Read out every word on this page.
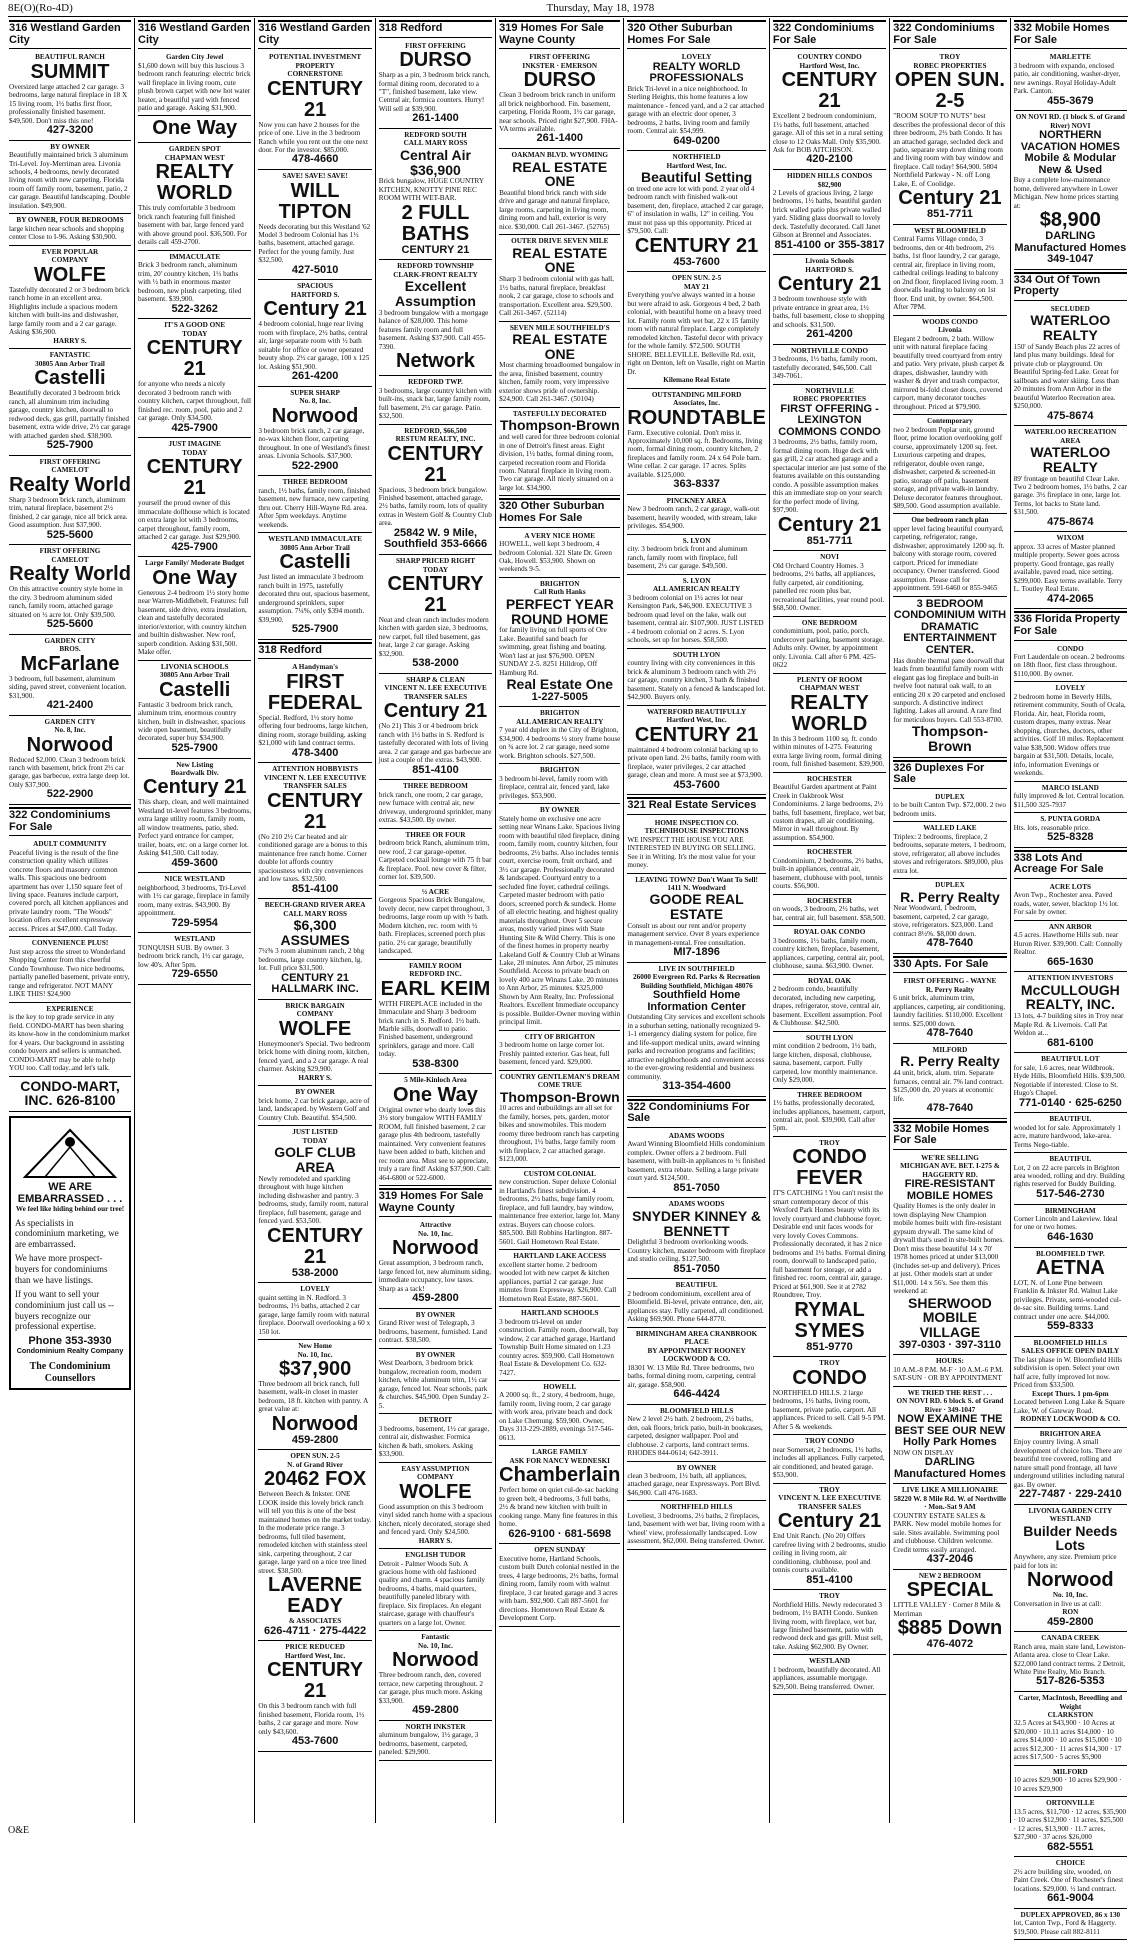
8E(O)(Ro-4D)	Thursday, May 18, 1978
316 Westland Garden City
BEAUTIFUL RANCH
SUMMIT
Oversized large attached 2 car garage. 3 bedrooms, large natural fireplace in 18 X 15 living room, 1½ baths first floor, professionally finished basement. $49,500. Don't miss this one!
427-3200
BY OWNER
Beautifully maintained brick 3 aluminum Tri-Level. Joy-Merriman area. Livonia schools, 4 bedrooms, newly decorated living room with new carpeting. Florida room off family room, basement, patio, 2 car garage. Beautiful landscaping. Double insulation. $49,900.
BY OWNER, FOUR BEDROOMS
large kitchen near schools and shopping center Close to I-96. Asking $30,900.
EVER POPULAR
COMPANY
WOLFE
Tastefully decorated 2 or 3 bedroom brick ranch home in an excellent area. Highlights include a spacious modern kitchen with built-ins and dishwasher, large family room and a 2 car garage. Asking $36,900.
HARRY S.
FANTASTIC
30805 Ann Arbor Trail
Castelli
Beautifully decorated 3 bedroom brick ranch, all aluminum trim including garage, country kitchen, doorwall to redwood deck, gas grill, partially finished basement, extra wide drive, 2½ car garage with attached garden shed. $38,900.
525-7900
FIRST OFFERING
CAMELOT
Realty World
Sharp 3 bedroom brick ranch, aluminum trim, natural fireplace, basement 2½ finished, 2 car garage, nice all brick area. Good assumption. Just $37,900.
525-5600
FIRST OFFERING
CAMELOT
Realty World
On this attractive country style home in the city. 3 bedroom aluminum sided ranch, family room, attached garage situated on ½ acre lot. Only $39,500.
525-5600
GARDEN CITY
BROS.
McFarlane
3 bedroom, full basement, aluminum siding, paved street, convenient location. $31,900.
421-2400
GARDEN CITY
No. 8, Inc.
Norwood
Reduced $2,000. Clean 3 bedroom brick ranch with basement, brick front 2½ car garage, gas barbecue, extra large deep lot. Only $37,900.
522-2900
322 Condominiums For Sale
ADULT COMMUNITY
Peaceful living is the result of the fine construction quality which utilizes concrete floors and masonry common walls. This spacious one bedroom apartment has over 1,150 square feet of living space. Features include carport, covered porch, all kitchen appliances and private laundry room. "The Woods" location offers excellent expressway access. Prices at $47,000. Call Today.
CONVENIENCE PLUS!
Just step across the street to Wonderland Shopping Center from this cheerful Condo Townhouse. Two nice bedrooms, partially panelled basement, private entry, range and refrigerator. NOT MANY LIKE THIS! $24,900
EXPERIENCE
is the key to top grade service in any field. CONDO-MART has been sharing its know-how in the condominium market for 4 years. Our background in assisting condo buyers and sellers is unmatched. CONDO-MART may be able to help YOU too. Call today..and let's talk.
CONDO-MART, INC. 626-8100
WE ARE EMBARRASSED . . .
We feel like hiding behind our tree!

As specialists in condominium marketing, we are embarrassed.

We have more prospect-buyers for condominiums than we have listings.

If you want to sell your condominium just call us -- buyers recognize our professional expertise.

Phone 353-3930
Condominium Realty Company
The Condominium Counsellors
316 Westland Garden City
Garden City Jewel
$1,600 down will buy this luscious 3 bedroom ranch featuring: electric brick wall fireplace in living room, cute plush brown carpet with new hot water heater, a beautiful yard with fenced patio and garage. Asking $31,900.
One Way
GARDEN SPOT
CHAPMAN WEST
REALTY WORLD
This truly comfortable 3 bedroom brick ranch featuring full finished basement with bar, large fenced yard with above ground pool. $36,500. For details call 459-2700.
IMMACULATE
Brick 3 bedroom ranch, aluminum trim, 20' country kitchen, 1½ baths with ½ bath in enormous master bedroom, new plush carpeting, tiled basement. $39,900.
522-3262
IT'S A GOOD ONE
TODAY
CENTURY 21
for anyone who needs a nicely decorated 3 bedroom ranch with country kitchen, carpet throughout, full finished rec. room, pool, patio and 2 car garage. Only $34,500.
425-7900
JUST IMAGINE
TODAY
CENTURY 21
yourself the proud owner of this immaculate dollhouse which is located on extra large lot with 3 bedrooms, carpet throughout, family room, attached 2 car garage. Just $29,900.
425-7900
Large Family/ Moderate Budget
One Way
Generous 2-4 bedroom 1½ story home near Warren-Middlebelt. Features: full basement, side drive, extra insulation, clean and tastefully decorated interior/exterior, with country kitchen and builtin dishwasher. New roof, superb condition. Asking $31,500. Make offer.
LIVONIA SCHOOLS
30805 Ann Arbor Trail
Castelli
Fantastic 3 bedroom brick ranch, aluminum trim, enormous country kitchen, built in dishwasher, spacious wide open basement, beautifully decorated, super buy $34,900.
525-7900
New Listing
Boardwalk Div.
Century 21
This sharp, clean, and well maintained Westland tri-level features 3 bedrooms, extra large utility room, family room, all window treatments, patio, shed. Perfect yard entrance for camper, trailer, boats, etc. on a large corner lot. Asking $41,500. Call today.
459-3600
NICE WESTLAND
neighborhood, 3 bedrooms, Tri-Level with 1½ car garage, fireplace in family room, many extras. $43,900. By appointment.
729-5954
WESTLAND
TONQUISH SUB. By owner. 3 bedroom brick ranch, 1½ car garage, low 40's. After 5pm.
729-6550
316 Westland Garden City
POTENTIAL INVESTMENT PROPERTY
CORNERSTONE
CENTURY 21
Now you can have 2 houses for the price of one. Live in the 3 bedroom Ranch while you rent out the one next door. For the investor. $85,000.
478-4660
SAVE! SAVE! SAVE!
WILL TIPTON
Needs decorating but this Westland '62 Model 3 bedroom Colonial has 1½ baths, basement, attached garage. Perfect for the young family. Just $32,500.
427-5010
SPACIOUS
HARTFORD S.
Century 21
4 bedroom colonial, huge rear living room with fireplace, 2½ baths, central air, large separate room with ½ bath suitable for office or owner operated beauty shop. 2½ car garage, 100 x 125 lot. Asking $51,900.
261-4200
SUPER SHARP
No. 8, Inc.
Norwood
3 bedroom brick ranch, 2 car garage, no-wax kitchen floor, carpeting throughout. In one of Westland's finest areas. Livonia Schools. $37,900.
522-2900
THREE BEDROOM
ranch, 1½ baths, family room, finished basement, new furnace, new carpeting thru out. Cherry Hill-Wayne Rd. area. After 5pm weekdays. Anytime weekends.
WESTLAND IMMACULATE
30805 Ann Arbor Trail
Castelli
Just listed an immaculate 3 bedroom ranch built in 1975, tastefully decorated thru out, spacious basement, underground sprinklers, super assumption. 7¼%, only $394 month. $39,900.
525-7900
318 Redford
A Handyman's
FIRST FEDERAL
Special. Redford, 1½ story home offering four bedrooms, large kitchen, dining room, storage building, asking $21,000 with land contract terms.
478-3400
ATTENTION HOBBYISTS
VINCENT N. LEE EXECUTIVE TRANSFER SALES
CENTURY 21
(No 210 2½ Car heated and air conditioned garage are a bonus to this maintenance free ranch home. Corner double lot affords country spaciousness with city conveniences and low taxes. $32,500.
851-4100
BEECH-GRAND RIVER AREA
CALL MARY ROSS
$6,300 ASSUMES
7¼% 3 room aluminum ranch, 2 bhg bedrooms, large country kitchen, lg. lot. Full price $31,500.
CENTURY 21 HALLMARK INC.
BRICK BARGAIN
COMPANY
WOLFE
Honeymooner's Special. Two bedroom brick home with dining room, kitchen, fenced yard, and a 2 car garage. A real charmer. Asking $29,900.
HARRY S.
BY OWNER
brick home, 2 car brick garage, acre of land, landscaped. by Western Golf and Country Club. Beautiful. $54,500.
JUST LISTED
TODAY
GOLF CLUB AREA
Newly remodeled and sparkling throughout with huge kitchen including dishwasher and pantry. 3 bedrooms, study, family room, natural fireplace, full basement, garage and fenced yard. $53,500.
CENTURY 21
538-2000
LOVELY
quaint setting in N. Redford. 3 bedrooms, 1½ baths, attached 2 car garage, large family room with natural fireplace. Doorwall overlooking a 60 x 150 lot.
New Home
No. 10, Inc.
$37,900
Three bedroom all brick ranch, full basement, walk-in closet in master bedroom, 18 ft. kitchen with pantry. A great value at:
Norwood
459-2800
OPEN SUN. 2-5
N. of Grand River
20462 FOX
Between Beech & Inkster. ONE LOOK inside this lovely brick ranch will tell you this is one of the best maintained homes on the market today. In the moderate price range. 3 bedrooms, full tiled basement, remodeled kitchen with stainless steel sink, carpeting throughout, 2 car garage, large yard on a nice tree lined street. $38,500.
LAVERNE EADY
& ASSOCIATES
626-4711 · 275-4422
PRICE REDUCED
Hartford West, Inc.
CENTURY 21
On this 3 bedroom ranch with full finished basement, Florida room, 1½ baths, 2 car garage and more. Now only $43,600.
453-7600
318 Redford
FIRST OFFERING
DURSO
Sharp as a pin, 3 bedroom brick ranch, formal dining room, decorated to a "T", finished basement, lake view. Central air, formica counters. Hurry! Will sell at $39,900.
261-1400
REDFORD SOUTH
CALL MARY ROSS
Central Air $36,900
Brick bungalow, HUGE COUNTRY KITCHEN, KNOTTY PINE REC ROOM WITH WET-BAR.
2 FULL BATHS
CENTURY 21
REDFORD TOWNSHIP
CLARK-FRONT REALTY
Excellent Assumption
3 bedroom bungalow with a mortgage balance of $28,000. This home features family room and full basement. Asking $37,900. Call 455-7390.
Network
REDFORD TWP.
3 bedrooms, large country kitchen with built-ins, snack bar, large family room, full basement, 2½ car garage. Patio. $32,500.
REDFORD, $66,500
RESTUM REALTY, INC.
CENTURY 21
Spacious, 3 bedroom brick bungalow. Finished basement, attached garage, 2½ baths, family room, lots of quality extras in Western Golf & Country Club area.
25842 W. 9 Mile, Southfield 353-6666
SHARP PRICED RIGHT
TODAY
CENTURY 21
Neat and clean ranch includes modern kitchen with garden size, 3 bedrooms, new carpet, full tiled basement, gas heat, large 2 car garage. Asking $32,900.
538-2000
SHARP & CLEAN
VINCENT N. LEE EXECUTIVE TRANSFER SALES
Century 21
(No 21) This 3 or 4 bedroom brick ranch with 1½ baths in S. Redford is tastefully decorated with lots of living area. 2 car garage and gas barbecue are just a couple of the extras. $43,900.
851-4100
THREE BEDROOM
brick ranch, one room, 2 car garage, new furnace with central air, new driveway, underground sprinkler, many extras. $43,500. By owner.
THREE OR FOUR
bedroom brick Ranch, aluminum trim, new roof, 2 car garage-opener. Carpeted cocktail lounge with 75 ft bar & fireplace. Pool. new cover & filter, corner lot. $39,500.
½ ACRE
Gorgeous Spacious Brick Bungalow, lovely decor, new carpet throughout, 3 bedrooms, large room up with ½ bath. Modern kitchen, rec. room with ½ bath. Fireplaces, screened porch plus patio. 2½ car garage, beautifully landscaped.
FAMILY ROOM
REDFORD INC.
EARL KEIM
WITH FIREPLACE included in the Immaculate and Sharp 3 bedroom brick ranch in S. Redford. 1½ bath. Marble sills, doorwall to patio. Finished basement, underground sprinklers, garage and more. Call today.
538-8300
5 Mile-Kinloch Area
One Way
Original owner who dearly loves this 3½ story bungalow WITH FAMILY ROOM, full finished basement, 2 car garage plus 4th bedroom, tastefully maintained. Very convenient features have been added to bath, kitchen and rec room area. Must see to appreciate, truly a rare find! Asking $37,900. Call: 464-6800 or 522-6000.
319 Homes For Sale Wayne County
Attractive
No. 10, Inc.
Norwood
Great assumption, 3 bedroom ranch, large fenced lot, new aluminum siding, immediate occupancy, low taxes. Sharp as a tack!
459-2800
BY OWNER
Grand River west of Telegraph, 3 bedrooms, basement, furnished. Land contract. $38,500.
BY OWNER
West Dearborn, 3 bedroom brick bungalow, recreation room, modern kitchen, white aluminum trim, 1½ car garage, fenced lot. Near schools, park & churches. $45,900. Open Sunday 2-5.
DETROIT
3 bedrooms, basement, 1½ car garage, central air, dishwasher. Formica kitchen & bath, smokers. Asking $33,900.
EASY ASSUMPTION
COMPANY
WOLFE
Good assumption on this 3 bedroom vinyl sided ranch home with a spacious kitchen, nicely decorated, storage shed and fenced yard. Only $24,500.
HARRY S.
ENGLISH TUDOR
Detroit - Palmer Woods Sub. A gracious home with old fashioned quality and charm. 4 spacious family bedrooms, 4 baths, maid quarters, beautifully paneled library with fireplace. Six fireplaces. An elegant staircase, garage with chauffeur's quarters on a large lot. Owner.
Fantastic
No. 10, Inc.
Norwood
Three bedroom ranch, den, covered terrace, new carpeting throughout. 2 car garage, plus much more. Asking $33,900.
459-2800
NORTH INKSTER
aluminum bungalow, 1½ garage, 3 bedrooms, basement, carpeted, paneled. $29,900.
319 Homes For Sale Wayne County
FIRST OFFERING
INKSTER · EMERSON
DURSO
Clean 3 bedroom brick ranch in uniform all brick neighborhood. Fin. basement, carpeting, Florida Room, 1½ car garage, near schools. Priced right $27,900. FHA-VA terms available.
261-1400
OAKMAN BLVD. WYOMING
REAL ESTATE ONE
Beautiful blond brick ranch with side drive and garage and natural fireplace, large rooms, carpeting in living room, dining room and hall, exterior is very nice. $30,000. Call 261-3467. (52765)
OUTER DRIVE SEVEN MILE
REAL ESTATE ONE
Sharp 3 bedroom colonial with gas hall, 1½ baths, natural fireplace, breakfast nook, 2 car garage, close to schools and transportation. Excellent area. $29,500. Call 261-3467. (52114)
SEVEN MILE SOUTHFIELD'S
REAL ESTATE ONE
Most charming broadloomed bungalow in the area, finished basement, country kitchen, family room, very impressive exterior shows pride of ownership. $24,900. Call 261-3467. (50104)
TASTEFULLY DECORATED
Thompson-Brown
and well cared for three bedroom colonial in one of Detroit's finest areas. Eight division, 1½ baths, formal dining room, carpeted recreation room and Florida room. Natural fireplace in living room. Two car garage. All nicely situated on a large lot. $34,900.
320 Other Suburban Homes For Sale
A VERY NICE HOME
HOWELL, well kept 3 bedroom, 4 bedroom Colonial. 321 Slate Dr. Green Oak, Howell. $53,900. Shown on weekends 9-5.
BRIGHTON
Call Ruth Hanks
PERFECT YEAR ROUND HOME
for family living on full sports of Ore Lake. Beautiful sand beach for swimming, great fishing and boating. Won't last at just $76,900. OPEN SUNDAY 2-5. 8251 Hilldrop, Off Hamburg Rd.
Real Estate One
1-227-5005
BRIGHTON
ALL AMERICAN REALTY
7 year old duplex in the City of Brighton, $34,900. 4 bedrooms ½ story frame house on ¾ acre lot. 2 car garage, need some work. Brighton schools. $27,500.
BRIGHTON
3 bedroom bi-level, family room with fireplace, central air, fenced yard, lake privileges. $53,900.
BY OWNER
Stately home on exclusive one acre setting near Winans Lake. Spacious living room with beautiful tiled fireplace, dining room, family room, country kitchen, four bedrooms, 2½ baths. Also includes tennis court, exercise room, fruit orchard, and 3½ car garage. Professionally decorated & landscaped. Courtyard entry to a secluded fine foyer, cathedral ceilings. Carpeted master bedroom with patio doors, screened porch & sundeck. Home of all electric heating, and highest quality materials throughout. Over 5 secure areas, mostly varied pines with State Hunting Site & Wild Cherry. This is one of the finest homes in property nearby Lakeland Golf & Country Club at Winans Lake, 20 minutes. Ann Arbor, 25 minutes Southfield. Access to private beach on lovely 400 acre Winans Lake. 20 minutes to Ann Arbor, 25 minutes. $325,000 Shown by Ann Realty, Inc. Professional Realtors. Excellent Immediate occupancy is possible. Builder-Owner moving within principal limit.
CITY OF BRIGHTON
3 bedroom home on large corner lot. Freshly painted exterior. Gas heat, full basement, fenced yard. $29,000.
COUNTRY GENTLEMAN'S DREAM COME TRUE
Thompson-Brown
10 acres and outbuildings are all set for the family, horses, pets, garden, motor bikes and snowmobiles. This modern roomy three bedroom ranch has carpeting throughout, 1½ baths, large family room with fireplace, 2 car attached garage. $123,000.
CUSTOM COLONIAL
new construction. Super deluxe Colonial in Hartland's finest subdivision. 4 bedrooms, 2½ baths, huge family room, fireplace, and full laundry, bay window, maintenance free exterior, large lot. Many extras. Buyers can choose colors. $85,500. Bill Robbins Harlington. 887-5601. Gail Hometown Real Estate.
HARTLAND LAKE ACCESS
excellent starter home. 2 bedroom wooded lot with new carpet & kitchen appliances, partial 2 car garage. Just minutes from Expressway. $26,900. Call Hometown Real Estate, 887-5601.
HARTLAND SCHOOLS
3 bedroom tri-level on under construction. Family room, doorwall, bay window, 2 car attached garage, Hartland Township Built Home situated on 1.23 country acres. $59,900. Call Hometown Real Estate & Development Co. 632-7427.
HOWELL
A 2000 sq. ft., 2 story, 4 bedroom, huge, family room, living room, 2 car garage with work area, private beach and dock on Lake Chemung. $59,900. Owner, Days 313-229-2889, evenings 517-546-0613.
LARGE FAMILY
ASK FOR NANCY WEDNESKI
Chamberlain
Perfect home on quiet cul-de-sac backing to green belt, 4 bedrooms, 3 full baths, 2½ & brand new kitchen with built in cooking range. Many fine features in this home.
626-9100 · 681-5698
OPEN SUNDAY
Executive home, Hartland Schools, custom built Dutch colonial nestled in the trees, 4 large bedrooms, 2½ baths, formal dining room, family room with walnut fireplace, 3 car heated garage and 3 acres with barn. $92,900. Call 887-5601 for directions. Hometown Real Estate & Development Corp.
320 Other Suburban Homes For Sale
LOVELY
REALTY WORLD PROFESSIONALS
Brick Tri-level in a nice neighborhood. In Sterling Heights, this home features a low maintenance - fenced yard, and a 2 car attached garage with an electric door opener, 3 bedrooms, 2 baths, living room and family room. Central air. $54,999.
649-0200
NORTHFIELD
Hartford West, Inc.
Beautiful Setting
on treed one acre lot with pond. 2 year old 4 bedroom ranch with finished walk-out basement, den, fireplace, attached 2 car garage, 6" of insulation in walls, 12" in ceiling. You must not pass up this opportunity. Priced at $79,500. Call:
CENTURY 21
453-7600
OPEN SUN. 2-5
MAY 21
Everything you've always wanted in a house but were afraid to ask. Gorgeous 4 bed, 2 bath colonial, with beautiful home on a heavy treed lot. Family room with wet bar, 22 x 15 family room with natural fireplace. Large completely remodeled kitchen. Tasteful decor with privacy for the whole family. $72,500. SOUTH SHORE. BELLEVILLE. Belleville Rd. exit, right on Denton, left on Vasalle, right on Martin Dr.
Kilemano Real Estate
OUTSTANDING MILFORD
Associates, Inc.
ROUNDTABLE
Farm. Executive colonial. Don't miss it. Approximately 10,000 sq. ft. Bedrooms, living room, formal dining room, country kitchen, 2 fireplaces and family room. 24 x 64 Pole barn. Wine cellar. 2 car garage. 17 acres. Splits available. $125,000.
363-8337
PINCKNEY AREA
New 3 bedroom ranch, 2 car garage, walk-out basement, heavily wooded, with stream, lake privileges. $54,900.
S. LYON
city. 3 bedroom brick front and aluminum ranch, family room with fireplace, full basement, 2½ car garage. $49,500.
S. LYON
ALL AMERICAN REALTY
3 bedroom colonial on 1½ acres lot near Kensington Park, $46,900. EXECUTIVE 3 bedroom quad level on the lake, walk out basement, central air. $107,900. JUST LISTED - 4 bedroom colonial on 2 acres. S. Lyon schools, set up for horses. $58,500.
SOUTH LYON
country living with city conveniences in this brick & aluminum 3 bedroom ranch with 2½ car garage, country kitchen, 3 bath & finished basement. Stately on a fenced & landscaped lot. $42,900. Buyers only.
WATERFORD BEAUTIFULLY
Hartford West, Inc.
CENTURY 21
maintained 4 bedroom colonial backing up to private open land. 2½ baths, family room with fireplace, water privileges, 2 car attached garage, clean and more. A must see at $73,900.
453-7600
321 Real Estate Services
HOME INSPECTION CO.
TECHNIHOUSE INSPECTIONS
WE INSPECT THE HOUSE YOU ARE INTERESTED IN BUYING OR SELLING. See it in Writing. It's the most value for your money.
LEAVING TOWN? Don't Want To Sell!
1411 N. Woodward
GOODE REAL ESTATE
Consult us about our rent and/or property management service. Over 8 years experience in management-rental. Free consultation.
MI7-1896
LIVE IN SOUTHFIELD
26000 Evergreen Rd. Parks & Recreation Building Southfield, Michigan 48076
Southfield Home Information Center
Outstanding City services and excellent schools in a suburban setting, nationally recognized 9-1-1 emergency dialing system for police, fire and life-support medical units, award winning parks and recreation programs and facilities; attractive neighborhoods and convenient access to the ever-growing residential and business community.
313-354-4600
322 Condominiums For Sale
ADAMS WOODS
Award Winning Bloomfield Hills condominium complex. Owner offers a 2 bedroom. Full basement, with built-in appliances to ½ finished basement, extra rebate. Selling a large private court yard. $124,500.
851-7050
ADAMS WOODS
SNYDER KINNEY & BENNETT
Delightful 3 bedroom overlooking woods. Country kitchen, master bedroom with fireplace and studio ceiling. $127,500.
851-7050
BEAUTIFUL
2 bedroom condominium, excellent area of Bloomfield. Bi-level, private entrance, den, air, appliances stay. Fully carpeted, all conditioned. Asking $69,900. Phone 644-8770.
BIRMINGHAM AREA CRANBROOK PLACE
BY APPOINTMENT ROONEY LOCKWOOD & CO.
18301 W. 13 Mile Rd. Three bedrooms, two baths, formal dining room, carpeting, central air, garage. $58,900.
646-4424
BLOOMFIELD HILLS
New 2 level 2½ bath. 2 bedroom, 2½ baths, den, oak floors, brick patio, built-in bookcases, carpeted, designer wallpaper. Pool and clubhouse. 2 carports, land contract terms. RHODES 844-0614; 642-3911.
BY OWNER
clean 3 bedroom, 1½ bath, all appliances, attached garage, near Expressways. Port Blvd. $46,900. Call 476-1683.
NORTHFIELD HILLS
Loveliest, 3 bedrooms, 2½ baths, 2 fireplaces, land, basement with wet bar, living room with a 'wheel' view, professionally landscaped. Low assessment, $62,000. Being transferred. Owner.
322 Condominiums For Sale
COUNTRY CONDO
Hartford West, Inc.
CENTURY 21
Excellent 2 bedroom condominium, 1½ baths, full basement, attached garage. All of this set in a rural setting close to 12 Oaks Mall. Only $35,900. Ask for BOB AITCHISON.
420-2100
HIDDEN HILLS CONDOS
$82,900
2 Levels of gracious living, 2 large bedrooms, 1½ baths, beautiful garden brick walled patio plus private walled yard. Sliding glass doorwall to lovely deck. Tastefully decorated. Call Janet Gibson at Brennel and Associates.
851-4100 or 355-3817
Livonia Schools
HARTFORD S.
Century 21
3 bedroom townhouse style with private entrance in great area, 1½ baths, full basement, close to shopping and schools. $31,500.
261-4200
NORTHVILLE CONDO
3 bedrooms, 1½ baths, family room, tastefully decorated, $46,500. Call 349-7061.
NORTHVILLE
ROBEC PROPERTIES
FIRST OFFERING - LEXINGTON COMMONS CONDO
3 bedrooms, 2½ baths, family room, formal dining room. Huge deck with gas grill, 2 car attached garage and a spectacular interior are just some of the features available on this outstanding condo. A possible assumption makes this an immediate stop on your search for the perfect mode of living. $97,900.
Century 21
851-7711
NOVI
Old Orchard Country Homes. 3 bedrooms, 2½ baths, all appliances, fully carpeted, air conditioning, panelled rec room plus bar, recreational facilities, year round pool. $68,500. Owner.
ONE BEDROOM
condominium, pool, patio, porch, undercover parking, basement storage. Adults only. Owner, by appointment only. Livonia. Call after 6 PM. 425-0622
PLENTY OF ROOM
CHAPMAN WEST
REALTY WORLD
In this 3 bedroom 1100 sq. ft. condo within minutes of I-275. Featuring extra large living room, formal dining room, full finished basement. $39,900.
ROCHESTER
Beautiful Garden apartment at Paint Creek in Oakbrook West Condominiums. 2 large bedrooms, 2½ baths, full basement, fireplace, wet bar, custom drapes, all air conditioning. Mirror in wall throughout. By assumption. $54,900.
ROCHESTER
Condominium, 2 bedrooms, 2½ baths, built-in appliances, central air, basement, clubhouse with pool, tennis courts. $56,900.
ROCHESTER
on woods, 3 bedroom, 2½ baths, wet bar, central air, full basement. $58,500.
ROYAL OAK CONDO
3 bedrooms, 1½ baths, family room, country kitchen, fireplace, basement, appliances, carpeting, central air, pool, clubhouse, sauna. $63,900. Owner.
ROYAL OAK
2 bedroom condo, beautifully decorated, including new carpeting, drapes, refrigerator, stove, central air, basement. Excellent assumption. Pool & Clubhouse. $42,500.
SOUTH LYON
mint condition 2 bedroom, 1½ bath, large kitchen, disposal, clubhouse, sauna, basement, carport. Fully carpeted, low monthly maintenance. Only $29,000.
THREE BEDROOM
1½ baths, professionally decorated, includes appliances, basement, carport, central air, pool. $39,900. Call after 5pm.
TROY
CONDO FEVER
IT'S CATCHING ! You can't resist the smart contemporary decor of this Wexford Park Homes beauty with its lovely courtyard and clubhouse foyer. Desirable end unit faces woods for very lovely Coves Commons. Professionally decorated, it has 2 nice bedrooms and 1½ baths. Formal dining room, doorwall to landscaped patio, full basement for storage, or add a finished rec. room, central air, garage. Priced at $61,900. See it at 2782 Roundtree, Troy.
RYMAL SYMES
851-9770
TROY
CONDO
NORTHFIELD HILLS. 2 large bedrooms, 1½ baths, living room, basement, private patio, carport. All appliances. Priced to sell. Call 9-5 PM. After 5 & weekends.
TROY CONDO
near Somerset, 2 bedrooms, 1½ baths, includes all appliances. Fully carpeted, air conditioned, and heated garage. $53,900.
TROY
VINCENT N. LEE EXECUTIVE TRANSFER SALES
Century 21
End Unit Ranch. (No 20) Offers carefree living with 2 bedrooms, studio ceiling in living room, air conditioning, clubhouse, pool and tennis courts available.
851-4100
TROY
Northfield Hills. Newly redecorated 3 bedroom, 1½ BATH Condo. Sunken living room, with fireplace, wet bar, large finished basement, patio with redwood deck and gas grill. Must sell, take. Asking $62,900. By Owner.
WESTLAND
1 bedroom, beautifully decorated. All appliances, assumable mortgage. $29,500. Being transferred. Owner.
322 Condominiums For Sale
TROY
ROBEC PROPERTIES
OPEN SUN. 2-5
"ROOM SOUP TO NUTS" best describes the professional decor of this three bedroom, 2½ bath Condo. It has an attached garage, secluded deck and patio, separate step down dining room and living room with bay window and fireplace. Call today! $64,900. 5804 Northfield Parkway - N. off Long Lake, E. of Coolidge.
Century 21
851-7711
WEST BLOOMFIELD
Central Farms Village condo, 3 bedrooms, den or 4th bedroom, 2½ baths, 1st floor laundry, 2 car garage, central air, fireplace in living room, cathedral ceilings leading to balcony on 2nd floor, fireplaced living room. 3 doorwalls leading to balcony on 1st floor. End unit, by owner. $64,500. After 7PM.
WOODS CONDO
Livonia
Elegant 2 bedroom, 2 bath. Willow unit with natural fireplace facing beautifully treed courtyard from entry and patio. Very private, plush carpet & drapes, dishwasher, laundry with washer & dryer and trash compactor, mirrored bi-fold closet doors, covered carport, many decorator touches throughout. Priced at $79,900.
Contemporary
two 2 bedroom Poplar unit, ground floor, prime location overlooking golf course, approximately 1200 sq. feet. Luxurious carpeting and drapes, refrigerator, double oven range, dishwasher, carpeted & screened-in patio, storage off patio, basement storage, and private walk-in laundry. Deluxe decorator features throughout. $89,500. Good assumption available.
One bedroom ranch plan
upper level facing beautiful courtyard, carpeting, refrigerator, range, dishwasher, approximately 1200 sq. ft. balcony with storage room, covered carport. Priced for immediate occupancy. Owner transferred. Good assumption. Please call for appointment. 591-6460 or 855-9465
3 BEDROOM CONDOMINIUM WITH DRAMATIC ENTERTAINMENT CENTER.
Has double thermal pane doorwall that leads from beautiful family room with elegant gas log fireplace and built-in twelve foot natural oak wall, to an enticing 20 x 20 carpeted and enclosed sunporch. A distinctive indirect lighting. Lakes all around. A rare find for meticulous buyers. Call 553-8700.
Thompson-Brown
326 Duplexes For Sale
DUPLEX
to be built Canton Twp. $72,000. 2 two bedroom units.
WALLED LAKE
Triplex: 2 bedrooms, fireplace, 2 bedrooms, separate meters, 1 bedroom, stove, refrigerator, all above includes stoves and refrigerators. $89,000, plus extra lot.
DUPLEX
R. Perry Realty
Near Woodward, 1 bedroom, basement, carpeted, 2 car garage, stove, refrigerators. $23,000. Land contract 8½%. $8,000 down.
478-7640
330 Apts. For Sale
FIRST OFFERING - WAYNE
R. Perry Realty
6 unit brick, aluminum trim, appliances, carpeting, air conditioning, laundry facilities. $110,000. Excellent terms. $25,000 down.
478-7640
MILFORD
R. Perry Realty
44 unit, brick, alum. trim. Separate furnaces, central air. 7% land contract. $125,000 dn. 20 years at economic life.
478-7640
332 Mobile Homes For Sale
WE'RE SELLING
MICHIGAN AVE. BET. I-275 & HAGGERTY RD.
FIRE-RESISTANT MOBILE HOMES
Quality Homes is the only dealer in town displaying New Champion mobile homes built with fire-resistant gypsum drywall. The same kind of drywall that's used in site-built homes. Don't miss these beautiful 14 x 70' 1978 homes priced at under $13,000 (includes set-up and delivery). Prices at just. Other models start at under $11,000. 14 x 56's. See them this weekend at:
SHERWOOD MOBILE VILLAGE
397-0303 · 397-3110
HOURS:
10 A.M.-8 P.M. M-F · 10 A.M.-6 P.M. SAT-SUN · OR BY APPOINTMENT
WE TRIED THE REST . . .
ON NOVI RD. 6 block S. of Grand River · 349-1047
NOW EXAMINE THE BEST SEE OUR NEW Holly Park Homes
NOW ON DISPLAY
DARLING Manufactured Homes
LIVE LIKE A MILLIONAIRE
58220 W. 8 Mile Rd. W. of Northville · Mon.-Sat 9 AM
COUNTRY ESTATE SALES & PARK. New model mobile homes for sale. Sites available. Swimming pool and clubhouse. Children welcome. Credit terms easily arranged.
437-2046
NEW 2 BEDROOM
SPECIAL
LITTLE VALLEY · Corner 8 Mile & Merriman
$885 Down
476-4072
332 Mobile Homes For Sale
MARLETTE
3 bedroom with expando, enclosed patio, air conditioning, washer-dryer, new awnings. Royal Holiday-Adult Park. Canton.
455-3679
ON NOVI RD. (1 block S. of Grand River) NOVI
NORTHERN VACATION HOMES Mobile & Modular New & Used
Buy a complete low-maintenance home, delivered anywhere in Lower Michigan. New home prices starting at:
$8,900
DARLING Manufactured Homes
349-1047
334 Out Of Town Property
SECLUDED
WATERLOO REALTY
150' of Sandy Beach plus 22 acres of land plus many buildings. Ideal for private club or playground. On Beautiful Spring-fed Lake. Great for sailboats and water skiing. Less than 20 minutes from Ann Arbor in the beautiful Waterloo Recreation area. $250,000.
475-8674
WATERLOO RECREATION AREA
WATERLOO REALTY
89' frontage on beautiful Clear Lake. Two 2 bedroom homes, 1½ baths, 2 car garage. 3½ fireplace in one, large lot. Terms, lot backs to State land. $31,500.
475-8674
WIXOM
approx. 33 acres of Master planned multiple property. Sewer goes across property. Good frontage, gas really available, paved road, nice setting. $299,000. Easy terms available. Terry L. Toutley Real Estate.
474-2065
336 Florida Property For Sale
CONDO
Fort Lauderdale on ocean. 2 bedrooms on 18th floor, first class throughout. $110,000. By owner.
LOVELY
2 bedroom home in Beverly Hills, retirement community, South of Ocala, Florida. Air, heat, Florida room, custom drapes, many extras. Near shopping, churches, doctors, other activities. Golf 10 miles. Replacement value $38,500. Widow offers true bargain at $31,500. Details, locale, info, information Evenings or weekends.
MARCO ISLAND
fully improved & lot. Central location. $11,500 325-7937
S. PUNTA GORDA
Hts. lots, reasonable price.
525-8328
338 Lots And Acreage For Sale
ACRE LOTS
Avon Twp., Rochester area. Paved roads, water, sewer, blacktop 1½ lot. For sale by owner.
ANN ARBOR
4.5 acres. Hawthorne Hills sub. near Huron River. $39,900. Call: Connolly Realtor.
665-1630
ATTENTION INVESTORS
McCULLOUGH REALTY, INC.
13 lots, 4-7 building sites in Troy near Maple Rd. & Livernois. Call Pat Weldon at...
681-6100
BEAUTIFUL LOT
for sale, 1.6 acres, near Wildbrook. Hyde Hills, Bloomfield Hills. $39,500. Negotiable if interested. Close to St. Hugo's Chapel.
771-0140 · 625-6250
BEAUTIFUL
wooded lot for sale. Approximately 1 acre, mature hardwood, lake-area. Terms Nego-tiable.
BEAUTIFUL
Lot, 2 on 22 acre parcels in Brighton area wooded, rolling and dry. Building rights reserved for Buddy Building.
517-546-2730
BIRMINGHAM
Corner Lincoln and Lakeview. Ideal for one or two homes.
646-1630
BLOOMFIELD TWP.
AETNA
LOT, N. of Lone Pine between Franklin & Inkster Rd. Walnut Lake privileges. Private, semi-wooded cul-de-sac site. Building terms. Land contract under one acre. $44,000.
559-8333
BLOOMFIELD HILLS
SALES OFFICE OPEN DAILY
The last phase in W. Bloomfield Hills subdivision is open. Select your own half acre, fully improved lot now. Priced from $33,500.
Except Thurs. 1 pm-6pm
Located between Long Lake & Square Lake, W. of Gateway Road.
RODNEY LOCKWOOD & CO.
BRIGHTON AREA
Enjoy country living. A small development of choice lots. There are beautiful tree covered, rolling and nature small pond frontage, all have underground utilities including natural gas. By owner.
227-7487 · 229-2410
LIVONIA GARDEN CITY WESTLAND
Builder Needs Lots
Anywhere, any size. Premium price paid for lots in:
Norwood
No. 10, Inc.
Conversation in live us at call:
RON
459-2800
CANADA CREEK
Ranch area, main state land, Lewiston-Atlanta area. close to Clear Lake. $22,000 land contract terms. 2 Detroit, White Pine Realty, Mio Branch.
517-826-5353
Carter, MacIntosh, Breedling and Weight
CLARKSTON
32.5 Acres at $43,900 · 10 Acres at $20,000 · 10.11 acres $14,000 · 10 acres $14,000 · 10 acres $15,000 · 10 acres $12,300 · 11 acres $14,300 · 17 acres $17,500 · 5 acres $5,900
MILFORD
10 acres $29,900 · 10 acres $29,900 · 10 acres $29,900
ORTONVILLE
13.5 acres, $11,700 · 12 acres, $35,900 · 10 acres $12,900 · 11 acres, $25,500 · 12 acres, $13,900 · 11.7 acres, $27,900 · 37 acres $26,000
682-5551
CHOICE
2½ acre building site, wooded, on Paint Creek. One of Rochester's finest locations. $29,000. ½ land contract.
661-9004
DUPLEX APPROVED, 86 x 130
lot, Canton Twp., Ford & Haggerty. $19,500. Please call 882-8111
O&E
